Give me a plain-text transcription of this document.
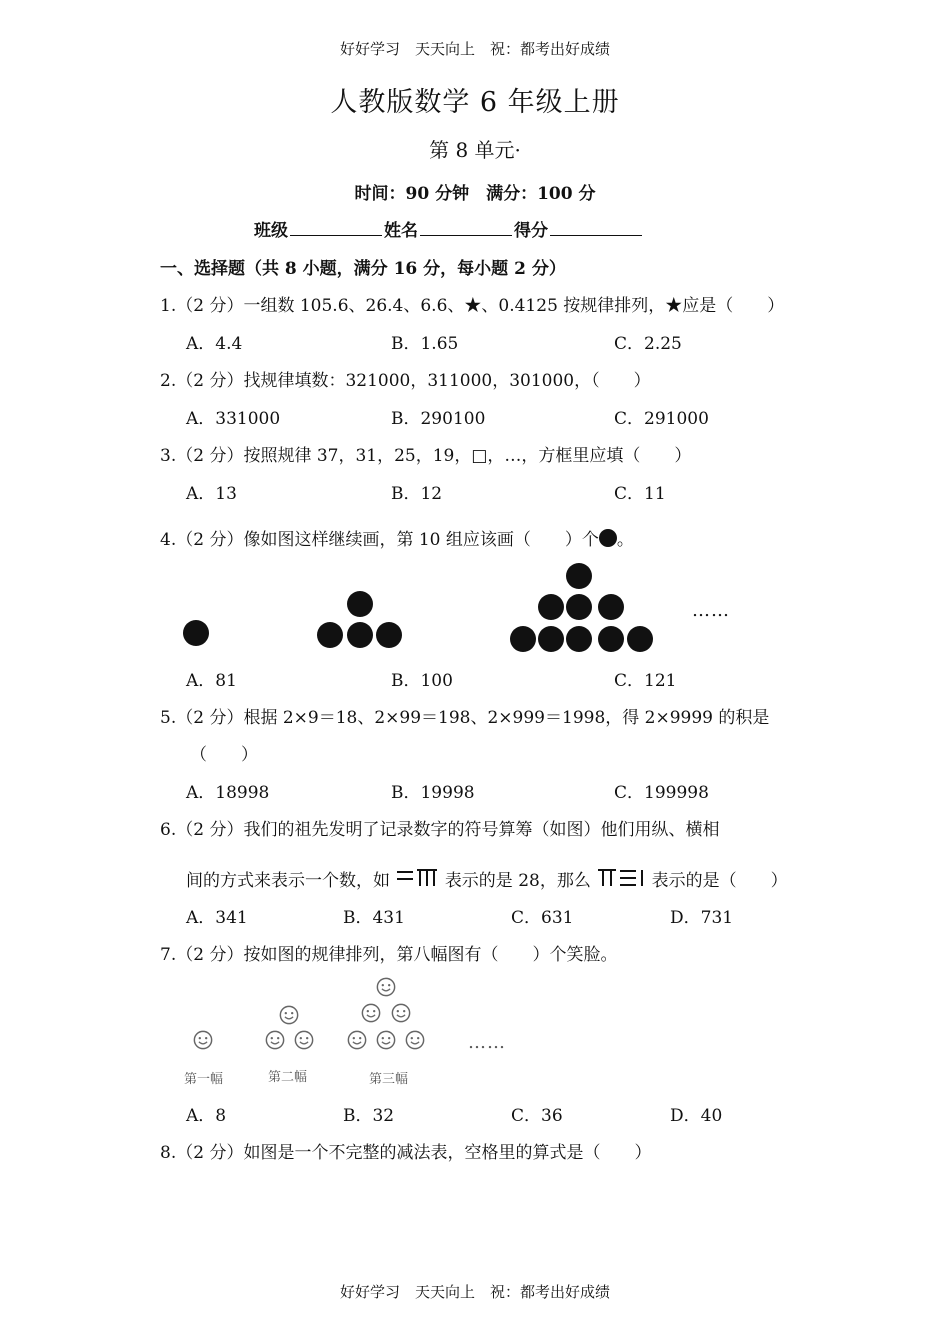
好好学习　天天向上　祝：都考出好成绩
人教版数学 6 年级上册
第 8 单元·
时间：90 分钟　满分：100 分
班级	姓名	得分
一、选择题（共 8 小题，满分 16 分，每小题 2 分）
1.（2 分）一组数 105.6、26.4、6.6、★、0.4125 按规律排列，★应是（　　）
A．4.4	B．1.65	C．2.25
2.（2 分）找规律填数：321000，311000，301000，（　　）
A．331000	B．290100	C．291000
3.（2 分）按照规律 37，31，25，19，□，…，方框里应填（　　）
A．13	B．12	C．11
4.（2 分）像如图这样继续画，第 10 组应该画（　　）个 。
……
A．81	B．100	C．121
5.（2 分）根据 2×9＝18、2×99＝198、2×999＝1998，得 2×9999 的积是
（　　）
A．18998	B．19998	C．199998
6.（2 分）我们的祖先发明了记录数字的符号算筹（如图）他们用纵、横相
间的方式来表示一个数，如	表示的是 28，那么	表示的是（　　）
A．341	B．431	C．631	D．731
7.（2 分）按如图的规律排列，第八幅图有（　　）个笑脸。
第一幅	第二幅	第三幅
……
A．8	B．32	C．36	D．40
8.（2 分）如图是一个不完整的减法表，空格里的算式是（　　）
好好学习　天天向上　祝：都考出好成绩
